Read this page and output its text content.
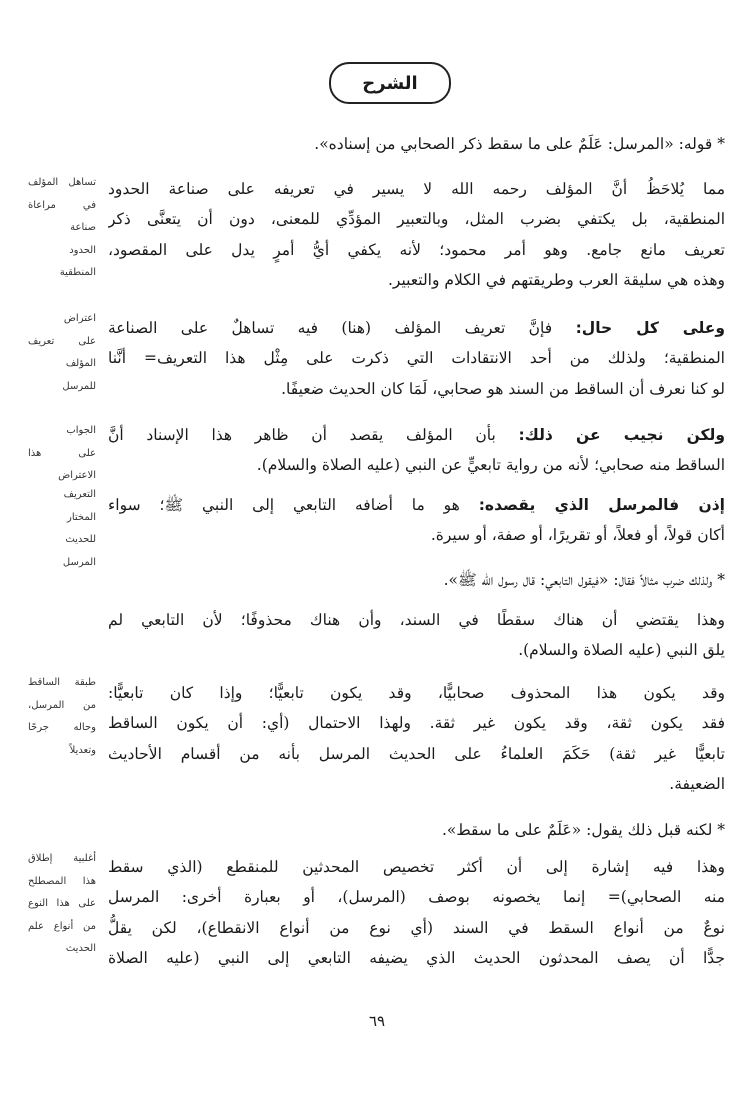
الشرح
تساهل المؤلف
في مراعاة
صناعة
الحدود
المنطقية
اعتراض
على تعريف
المؤلف
للمرسل
الجواب
على هذا
الاعتراض
التعريف
المختار
للحديث
المرسل
طبقة الساقط
من المرسل،
وحاله جرحًا
وتعديلاً
أغلبية إطلاق
هذا المصطلح
على هذا النوع
من أنواع علم
الحديث
* قوله: «المرسل: عَلَمٌ على ما سقط ذكر الصحابي من إسناده».
مما يُلاحَظُ أنَّ المؤلف رحمه الله لا يسير في تعريفه على صناعة الحدود
المنطقية، بل يكتفي بضرب المثل، وبالتعبير المؤدِّي للمعنى، دون أن يتعنَّى ذكر
تعريف مانع جامع. وهو أمر محمود؛ لأنه يكفي أيُّ أمرٍ يدل على المقصود،
وهذه هي سليقة العرب وطريقتهم في الكلام والتعبير.
وعلى كل حال: فإنَّ تعريف المؤلف (هنا) فيه تساهلٌ على الصناعة
المنطقية؛ ولذلك من أحد الانتقادات التي ذكرت على مِثْل هذا التعريف= أنَّنا
لو كنا نعرف أن الساقط من السند هو صحابي، لَمَا كان الحديث ضعيفًا.
ولكن نجيب عن ذلك: بأن المؤلف يقصد أن ظاهر هذا الإسناد أنَّ
الساقط منه صحابي؛ لأنه من رواية تابعيٍّ عن النبي (عليه الصلاة والسلام).
إذن فالمرسل الذي يقصده: هو ما أضافه التابعي إلى النبي ﷺ؛ سواء
أكان قولاً، أو فعلاً، أو تقريرًا، أو صفة، أو سيرة.
* ولذلك ضرب مثالاً فقال: «فيقول التابعي: قال رسول الله ﷺ».
وهذا يقتضي أن هناك سقطًا في السند، وأن هناك محذوفًا؛ لأن التابعي لم
يلق النبي (عليه الصلاة والسلام).
وقد يكون هذا المحذوف صحابيًّا، وقد يكون تابعيًّا؛ وإذا كان تابعيًّا:
فقد يكون ثقة، وقد يكون غير ثقة. ولهذا الاحتمال (أي: أن يكون الساقط
تابعيًّا غير ثقة) حَكَمَ العلماءُ على الحديث المرسل بأنه من أقسام الأحاديث
الضعيفة.
* لكنه قبل ذلك يقول: «عَلَمٌ على ما سقط».
وهذا فيه إشارة إلى أن أكثر تخصيص المحدثين للمنقطع (الذي سقط
منه الصحابي)= إنما يخصونه بوصف (المرسل)، أو بعبارة أخرى: المرسل
نوعٌ من أنواع السقط في السند (أي نوع من أنواع الانقطاع)، لكن يقلُّ
جدًّا أن يصف المحدثون الحديث الذي يضيفه التابعي إلى النبي (عليه الصلاة
٦٩
